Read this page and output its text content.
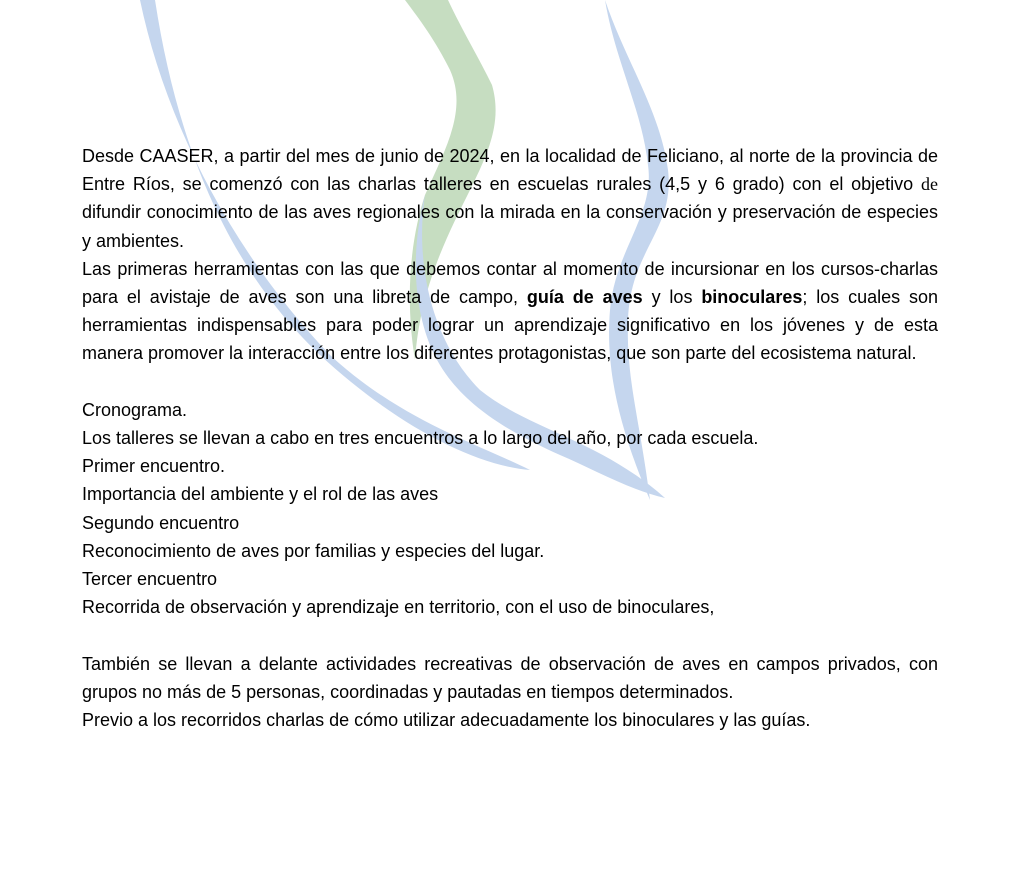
Desde CAASER, a partir del mes de junio de 2024, en la localidad de Feliciano, al norte de la provincia de Entre Ríos, se comenzó con las charlas talleres en escuelas rurales (4,5 y 6 grado) con el objetivo de difundir conocimiento de las aves regionales con la mirada en la conservación y preservación de especies y ambientes.

Las primeras herramientas con las que debemos contar al momento de incursionar en los cursos-charlas para el avistaje de aves son una libreta de campo, guía de aves y los binoculares; los cuales son herramientas indispensables para poder lograr un aprendizaje significativo en los jóvenes y de esta manera promover la interacción entre los diferentes protagonistas, que son parte del ecosistema natural.

Cronograma.

Los talleres se llevan a cabo en tres encuentros a lo largo del año, por cada escuela.

Primer encuentro.

Importancia del ambiente y el rol de las aves

Segundo encuentro

Reconocimiento de aves por familias y especies del lugar.

Tercer encuentro

Recorrida de observación y aprendizaje en territorio, con el uso de binoculares,

También se llevan a delante actividades recreativas de observación de aves en campos privados, con grupos no más de 5 personas, coordinadas y pautadas en tiempos determinados.

Previo a los recorridos charlas de cómo utilizar adecuadamente los binoculares y las guías.
